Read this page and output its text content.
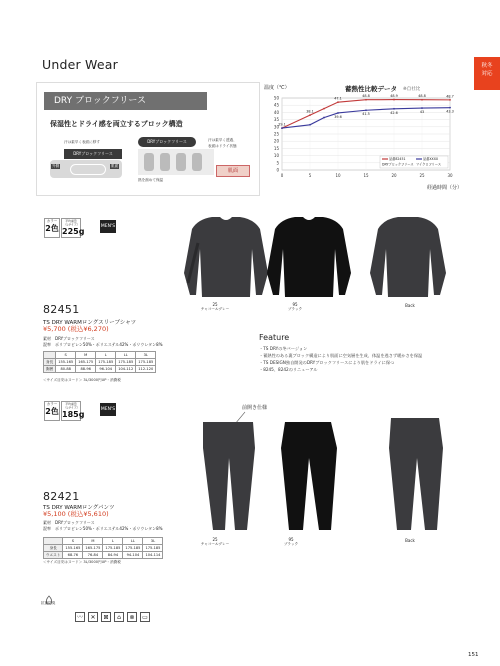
Under Wear	秋冬
対応
DRY ブロックフリース
保湿性とドライ感を両立するブロック構造
汗は素早く表面に移す
DRYブロックフリース
外側	肌面
DRYブロックフリース	汗は素早く透過、
表面はドライ状態
肌面
熱を溜めて保温
温度（℃）	蓄熱性比較データ ※自社比
50
45
40
35
30
25
20
15
10
5
0
0	5	10	15	20	25	30
29.1
38.1
47.1
48.8	48.9	48.8	48.7
39.6
41.5	42.6	43	43.3
品番82451
DRYブロックフリース
品番XXXX
マイクロフリース
経過時間（分）
カラー
2色
平均重量（Lサイズ）
225g
MEN'S
25
チャコールグレー
95
ブラック
Back
82451
TS DRY WARMロングスリーブシャツ
¥5,700 (税込¥6,270)
素材　DRYブロックフリース
混率　ポリプロピレン50%・ポリエステル42%・ポリウレタン8%
	S	M	L	LL	3L
身長	155-165	165-175	175-185	175-185	175-185
胸囲	80-88	88-96	96-104	104-112	112-120
＜サイズ目安はヌード＞ 3L/3000円UP・消費税
Feature
・TS DRYの冬バージョン
・蓄熱性のある裏ブロック構造により肌面に空気層を生成、体温を逃さず暖かさを保温
・TS DESIGN独自開発のDRYブロックフリースにより肌をドライに保つ
・8245、8242のリニューアル
カラー
2色
平均重量（Lサイズ）
185g
MEN'S	前開き仕様
25
チャコールグレー
95
ブラック
Back
82421
TS DRY WARMロングパンツ
¥5,100 (税込¥5,610)
素材　DRYブロックフリース
混率　ポリプロピレン50%・ポリエステル42%・ポリウレタン8%
	S	M	L	LL	3L
身長	155-165	165-175	175-185	175-185	175-185
ウエスト	68-76	76-84	84-94	94-104	104-114
＜サイズ目安はヌード＞ 3L/3000円UP・消費税
抗菌防臭
〰	✕	⊠	⌂	⊗	▭
151
